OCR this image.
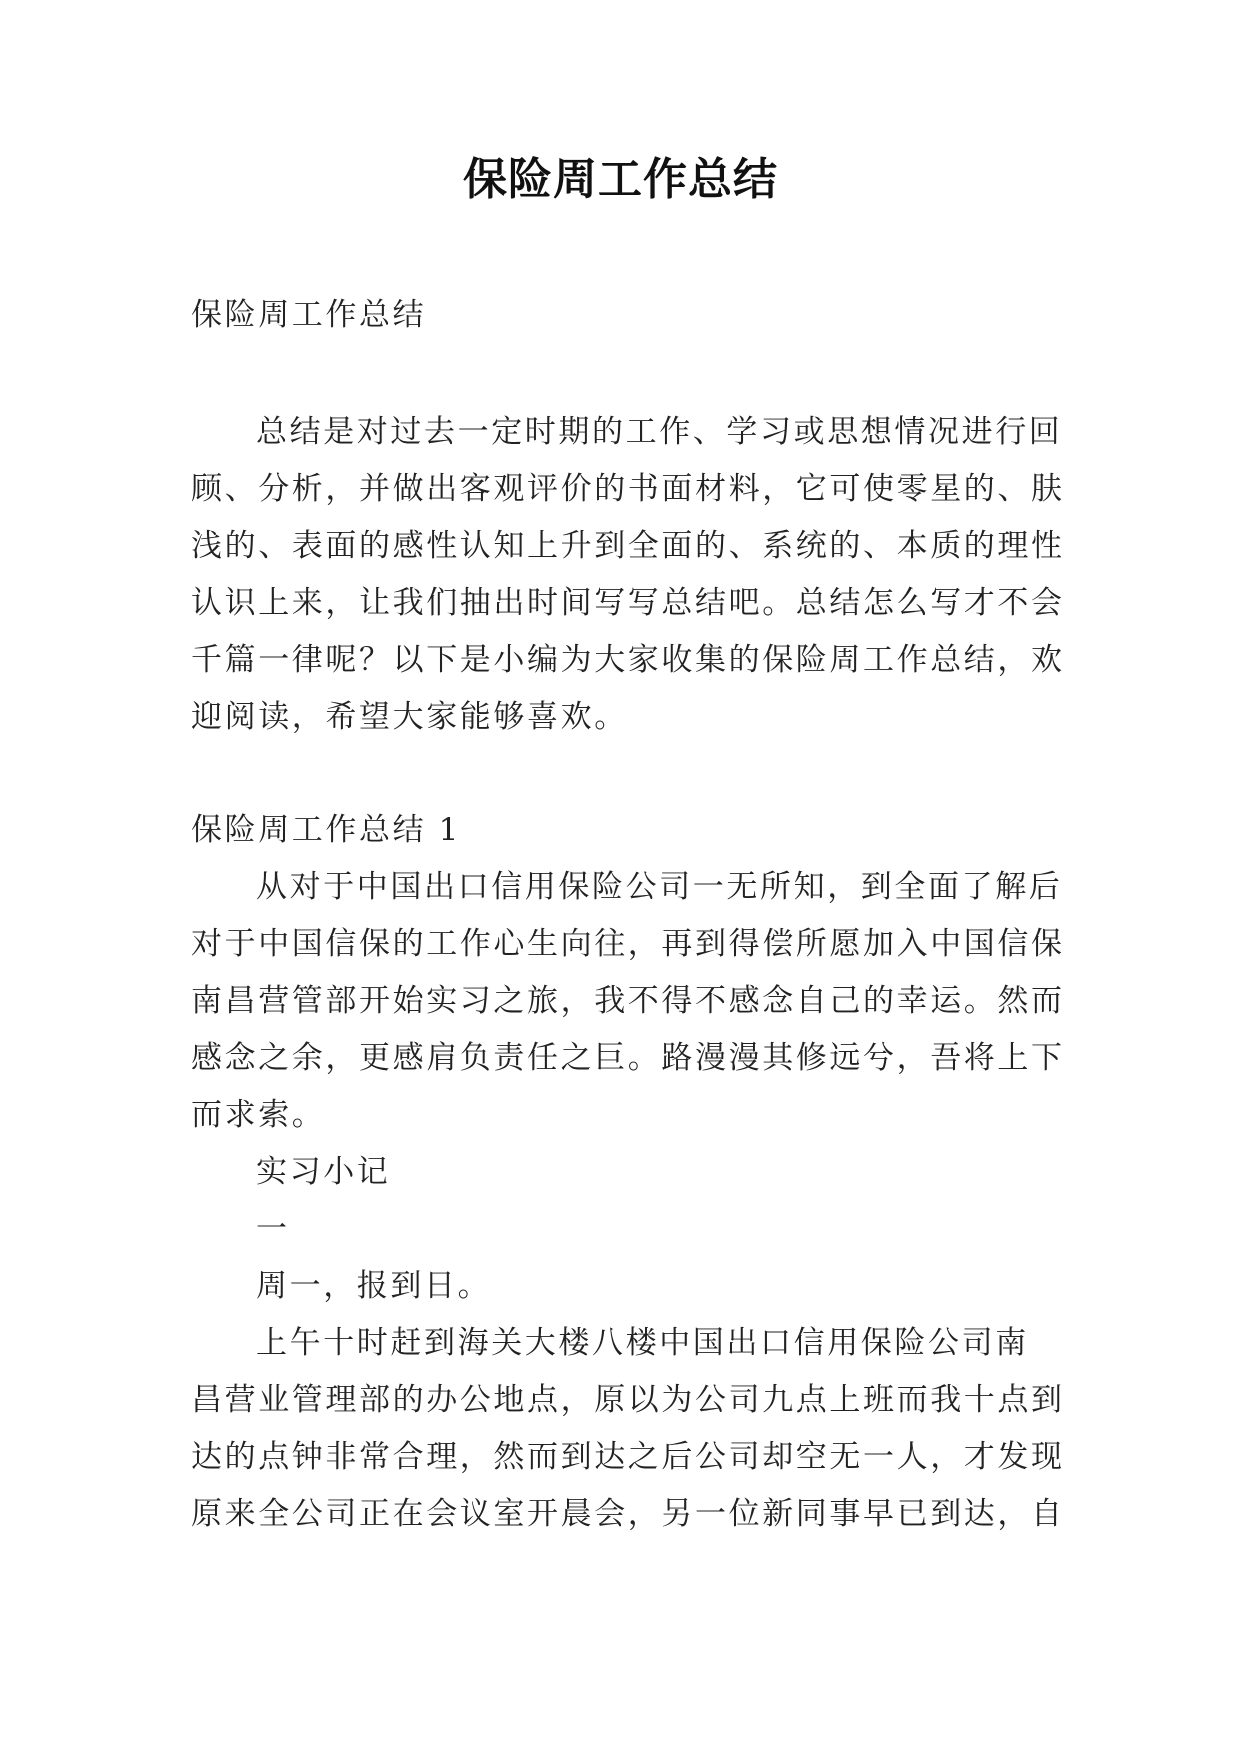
保险周工作总结
保险周工作总结
总结是对过去一定时期的工作、学习或思想情况进行回
顾、分析，并做出客观评价的书面材料，它可使零星的、肤
浅的、表面的感性认知上升到全面的、系统的、本质的理性
认识上来，让我们抽出时间写写总结吧。总结怎么写才不会
千篇一律呢？以下是小编为大家收集的保险周工作总结，欢
迎阅读，希望大家能够喜欢。
保险周工作总结 1
从对于中国出口信用保险公司一无所知，到全面了解后
对于中国信保的工作心生向往，再到得偿所愿加入中国信保
南昌营管部开始实习之旅，我不得不感念自己的幸运。然而
感念之余，更感肩负责任之巨。路漫漫其修远兮，吾将上下
而求索。
实习小记
一
周一，报到日。
上午十时赶到海关大楼八楼中国出口信用保险公司南
昌营业管理部的办公地点，原以为公司九点上班而我十点到
达的点钟非常合理，然而到达之后公司却空无一人，才发现
原来全公司正在会议室开晨会，另一位新同事早已到达，自
